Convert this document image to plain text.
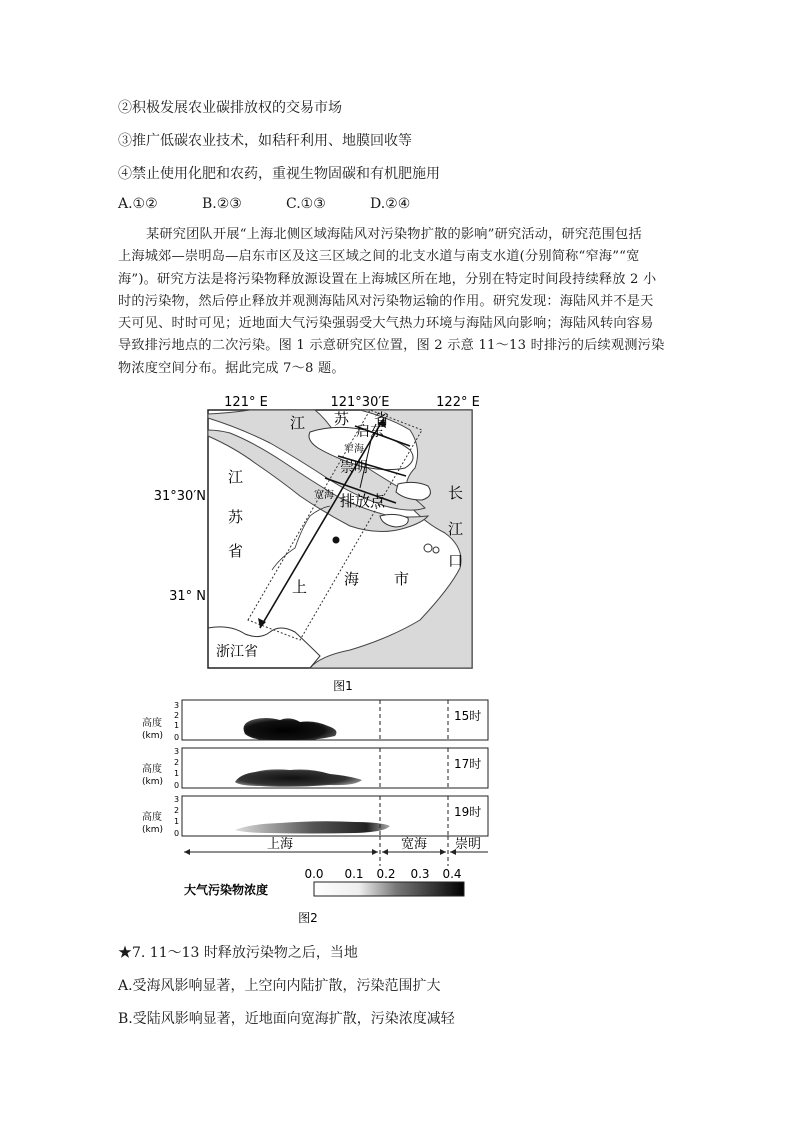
②积极发展农业碳排放权的交易市场
③推广低碳农业技术，如秸秆利用、地膜回收等
④禁止使用化肥和农药，重视生物固碳和有机肥施用
A.①②	B.②③	C.①③	D.②④
某研究团队开展“上海北侧区域海陆风对污染物扩散的影响”研究活动，研究范围包括
上海城郊—崇明岛—启东市区及这三区域之间的北支水道与南支水道(分别简称“窄海”“宽
海”)。研究方法是将污染物释放源设置在上海城区所在地，分别在特定时间段持续释放 2 小
时的污染物，然后停止释放并观测海陆风对污染物运输的作用。研究发现：海陆风并不是天
天可见、时时可见；近地面大气污染强弱受大气热力环境与海陆风向影响；海陆风转向容易
导致排污地点的二次污染。图 1 示意研究区位置，图 2 示意 11～13 时排污的后续观测污染
物浓度空间分布。据此完成 7～8 题。
121° E	121°30′E	122° E
31°30′N
31° N
江 苏 省
启东
窄海
崇明
宽海
江
苏
省
长
江
口
排放点
上 海 市
浙江省
图1
高度
(km)
3
2
1
0
15时
高度
(km)
3
2
1
0
17时
高度
(km)
3
2
1
0
19时
上海	宽海 崇明
0.0 0.1 0.2 0.3 0.4
大气污染物浓度
图2
★7. 11～13 时释放污染物之后，当地
A.受海风影响显著，上空向内陆扩散，污染范围扩大
B.受陆风影响显著，近地面向宽海扩散，污染浓度减轻
